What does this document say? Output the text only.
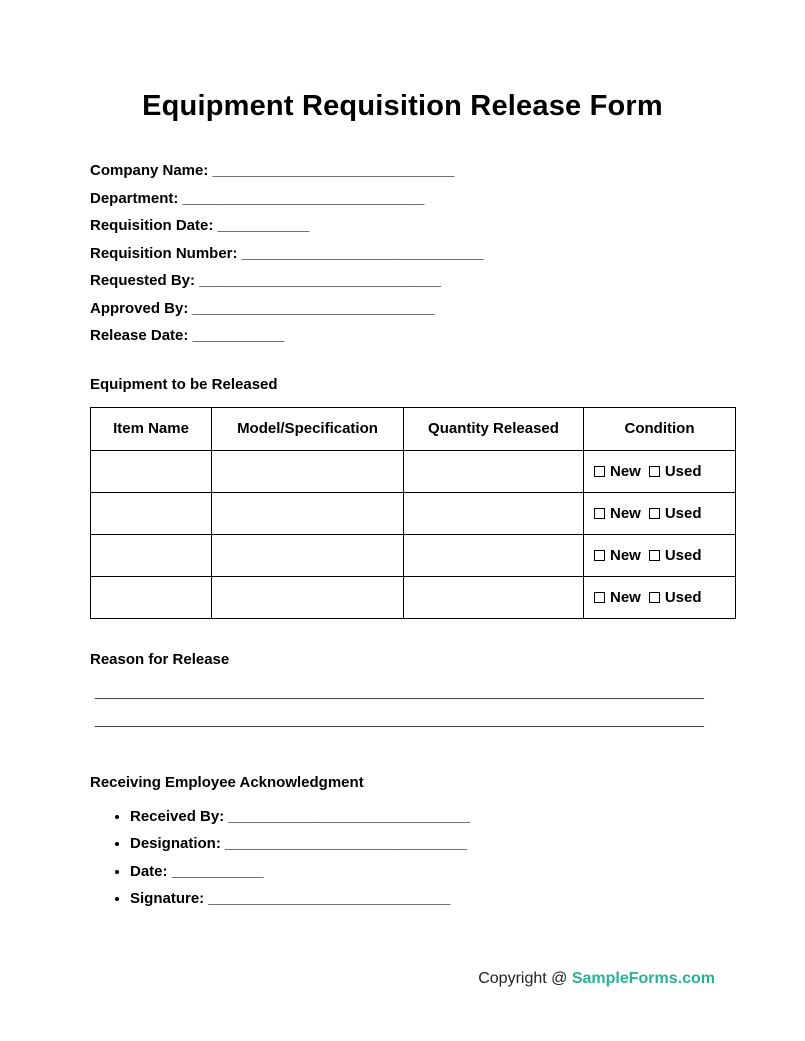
Equipment Requisition Release Form
Company Name: _____________________________
Department: _____________________________
Requisition Date: ___________
Requisition Number: _____________________________
Requested By: _____________________________
Approved By: _____________________________
Release Date: ___________
Equipment to be Released
Item Name	Model/Specification	Quantity Released	Condition
			New Used
			New Used
			New Used
			New Used
Reason for Release
_________________________________________________________________________
_________________________________________________________________________
Receiving Employee Acknowledgment
• Received By: _____________________________
• Designation: _____________________________
• Date: ___________
• Signature: _____________________________
Copyright @ SampleForms.com
